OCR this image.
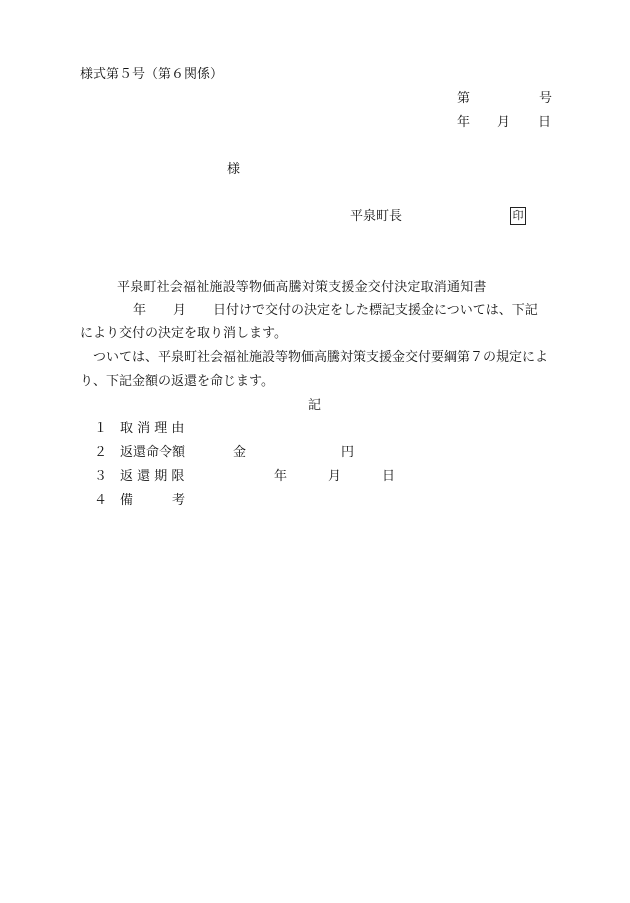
様式第５号（第６関係）
第	号
年 月 日
様
平泉町長	印
平泉町社会福祉施設等物価高騰対策支援金交付決定取消通知書
年 月 日付けで交付の決定をした標記支援金については、下記
により交付の決定を取り消します。
　ついては、平泉町社会福祉施設等物価高騰対策支援金交付要綱第７の規定によ
り、下記金額の返還を命じます。
記
１ 取 消 理 由
２ 返還命令額	金	円
３ 返 還 期 限	年	月	日
４ 備　　　考
